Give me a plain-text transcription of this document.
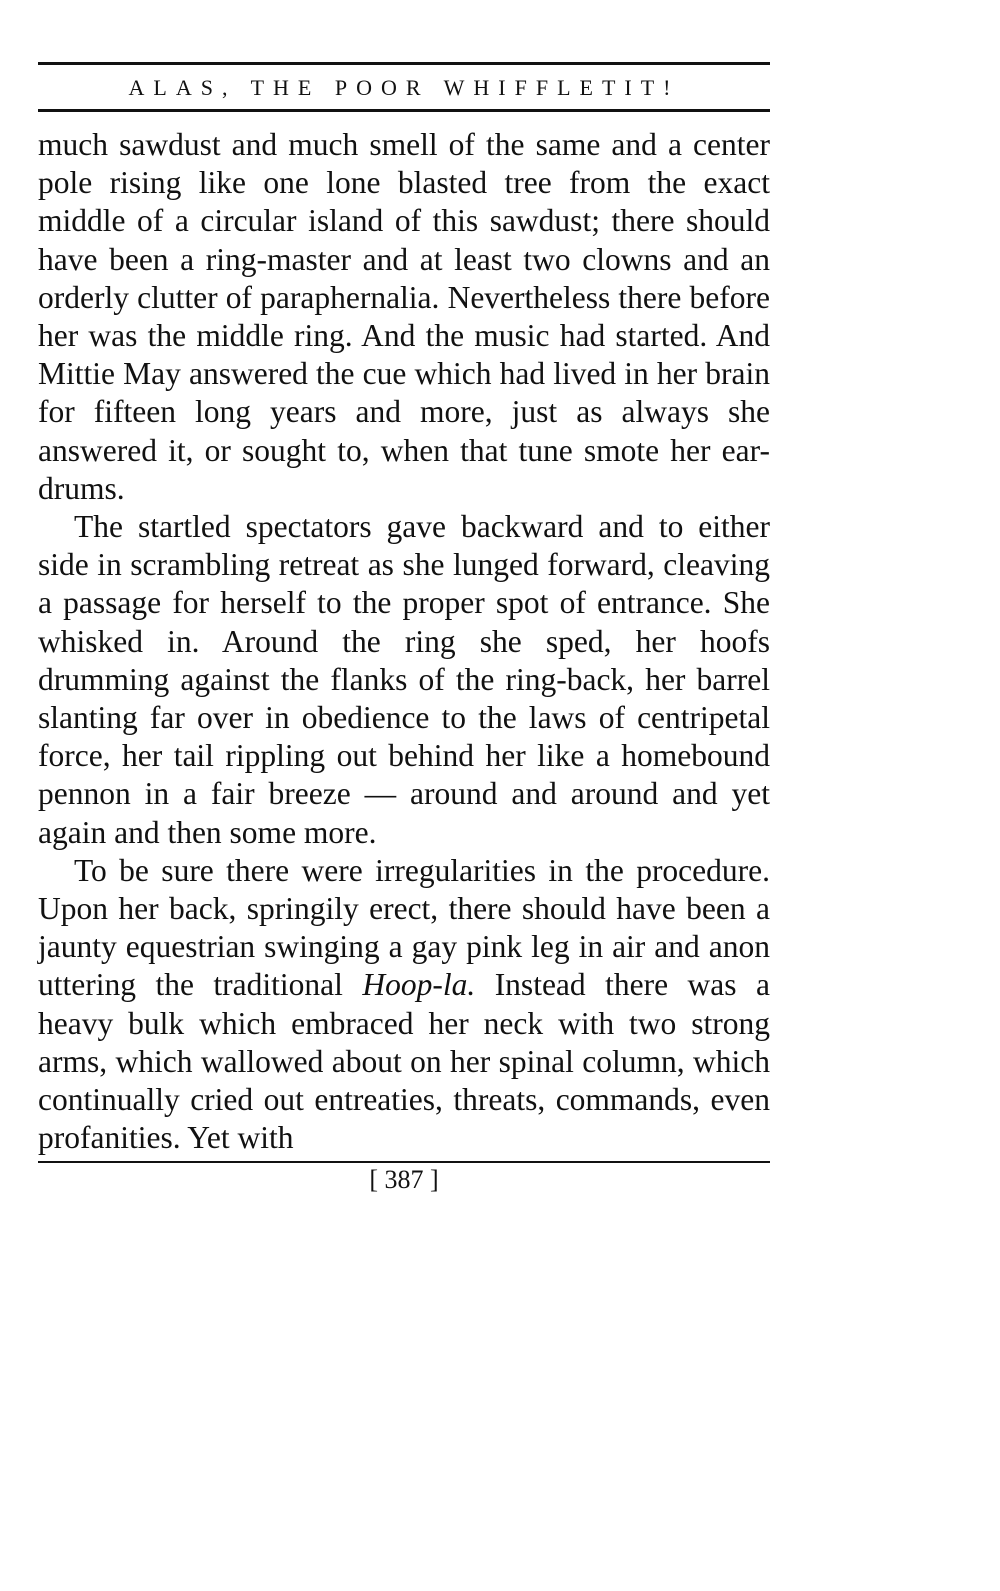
ALAS, THE POOR WHIFFLETIT!

much sawdust and much smell of the same and a center pole rising like one lone blasted tree from the exact middle of a circular island of this sawdust; there should have been a ring-master and at least two clowns and an orderly clutter of paraphernalia. Nevertheless there before her was the middle ring. And the music had started. And Mittie May answered the cue which had lived in her brain for fifteen long years and more, just as always she answered it, or sought to, when that tune smote her ear-drums.

The startled spectators gave backward and to either side in scrambling retreat as she lunged forward, cleaving a passage for herself to the proper spot of entrance. She whisked in. Around the ring she sped, her hoofs drumming against the flanks of the ring-back, her barrel slanting far over in obedience to the laws of centripetal force, her tail rippling out behind her like a homebound pennon in a fair breeze — around and around and yet again and then some more.

To be sure there were irregularities in the procedure. Upon her back, springily erect, there should have been a jaunty equestrian swinging a gay pink leg in air and anon uttering the traditional Hoop-la. Instead there was a heavy bulk which embraced her neck with two strong arms, which wallowed about on her spinal column, which continually cried out entreaties, threats, commands, even profanities. Yet with

[ 387 ]
